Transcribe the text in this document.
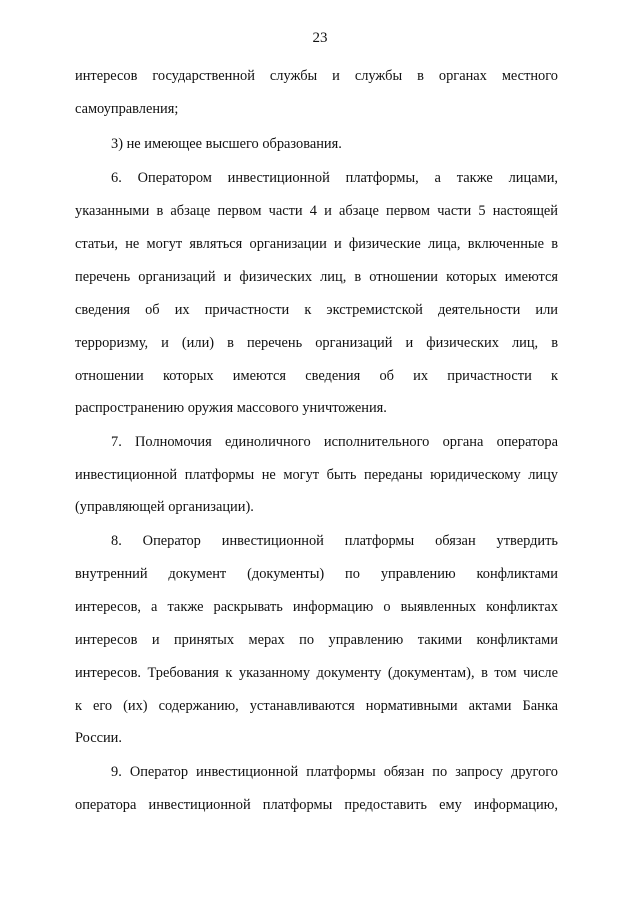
23
интересов государственной службы и службы в органах местного
самоуправления;
3) не имеющее высшего образования.
6. Оператором инвестиционной платформы, а также лицами,
указанными в абзаце первом части 4 и абзаце первом части 5 настоящей
статьи, не могут являться организации и физические лица, включенные в
перечень организаций и физических лиц, в отношении которых имеются
сведения об их причастности к экстремистской деятельности или
терроризму, и (или) в перечень организаций и физических лиц, в
отношении которых имеются сведения об их причастности к
распространению оружия массового уничтожения.
7. Полномочия единоличного исполнительного органа оператора
инвестиционной платформы не могут быть переданы юридическому лицу
(управляющей организации).
8. Оператор инвестиционной платформы обязан утвердить
внутренний документ (документы) по управлению конфликтами
интересов, а также раскрывать информацию о выявленных конфликтах
интересов и принятых мерах по управлению такими конфликтами
интересов. Требования к указанному документу (документам), в том числе
к его (их) содержанию, устанавливаются нормативными актами Банка
России.
9. Оператор инвестиционной платформы обязан по запросу другого
оператора инвестиционной платформы предоставить ему информацию,
